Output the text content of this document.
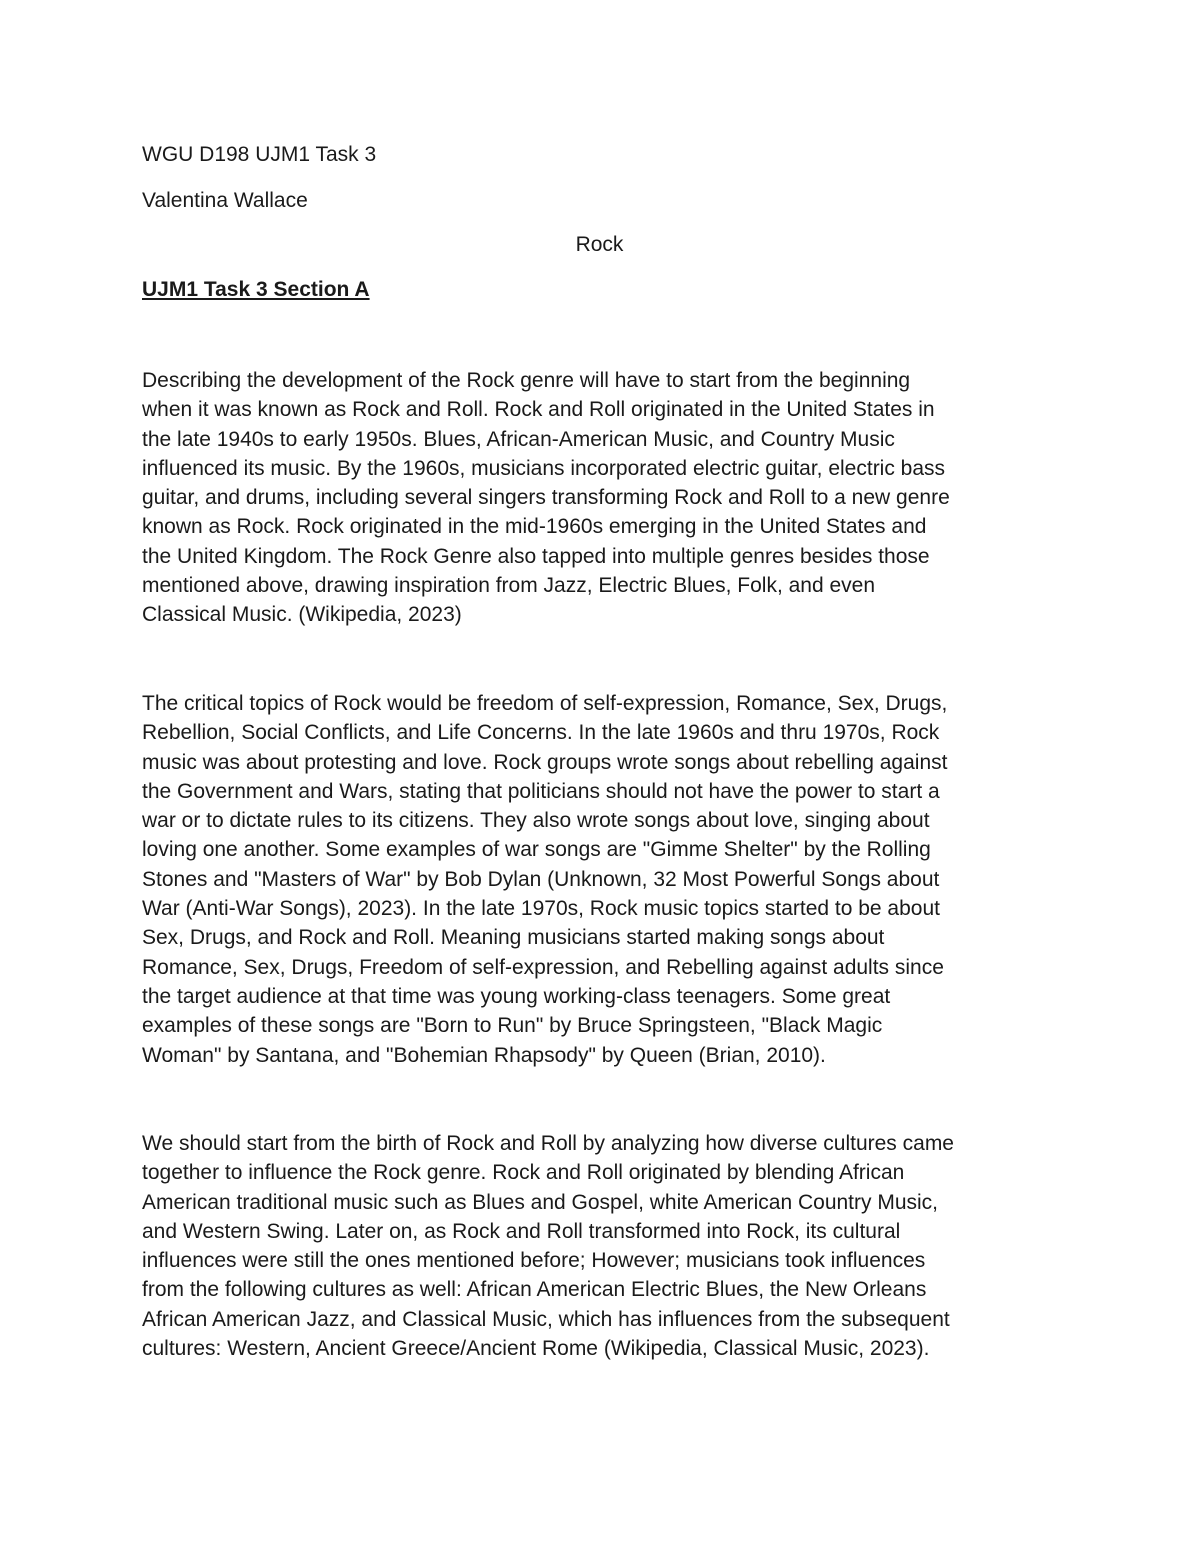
WGU D198 UJM1 Task 3

Valentina Wallace

Rock

UJM1 Task 3 Section A

Describing the development of the Rock genre will have to start from the beginning
when it was known as Rock and Roll. Rock and Roll originated in the United States in
the late 1940s to early 1950s. Blues, African-American Music, and Country Music
influenced its music. By the 1960s, musicians incorporated electric guitar, electric bass
guitar, and drums, including several singers transforming Rock and Roll to a new genre
known as Rock. Rock originated in the mid-1960s emerging in the United States and
the United Kingdom. The Rock Genre also tapped into multiple genres besides those
mentioned above, drawing inspiration from Jazz, Electric Blues, Folk, and even
Classical Music. (Wikipedia, 2023)
The critical topics of Rock would be freedom of self-expression, Romance, Sex, Drugs,
Rebellion, Social Conflicts, and Life Concerns. In the late 1960s and thru 1970s, Rock
music was about protesting and love. Rock groups wrote songs about rebelling against
the Government and Wars, stating that politicians should not have the power to start a
war or to dictate rules to its citizens. They also wrote songs about love, singing about
loving one another. Some examples of war songs are "Gimme Shelter" by the Rolling
Stones and "Masters of War" by Bob Dylan (Unknown, 32 Most Powerful Songs about
War (Anti-War Songs), 2023). In the late 1970s, Rock music topics started to be about
Sex, Drugs, and Rock and Roll. Meaning musicians started making songs about
Romance, Sex, Drugs, Freedom of self-expression, and Rebelling against adults since
the target audience at that time was young working-class teenagers. Some great
examples of these songs are "Born to Run" by Bruce Springsteen, "Black Magic
Woman" by Santana, and "Bohemian Rhapsody" by Queen (Brian, 2010).
We should start from the birth of Rock and Roll by analyzing how diverse cultures came
together to influence the Rock genre. Rock and Roll originated by blending African
American traditional music such as Blues and Gospel, white American Country Music,
and Western Swing. Later on, as Rock and Roll transformed into Rock, its cultural
influences were still the ones mentioned before; However; musicians took influences
from the following cultures as well: African American Electric Blues, the New Orleans
African American Jazz, and Classical Music, which has influences from the subsequent
cultures: Western, Ancient Greece/Ancient Rome (Wikipedia, Classical Music, 2023).
